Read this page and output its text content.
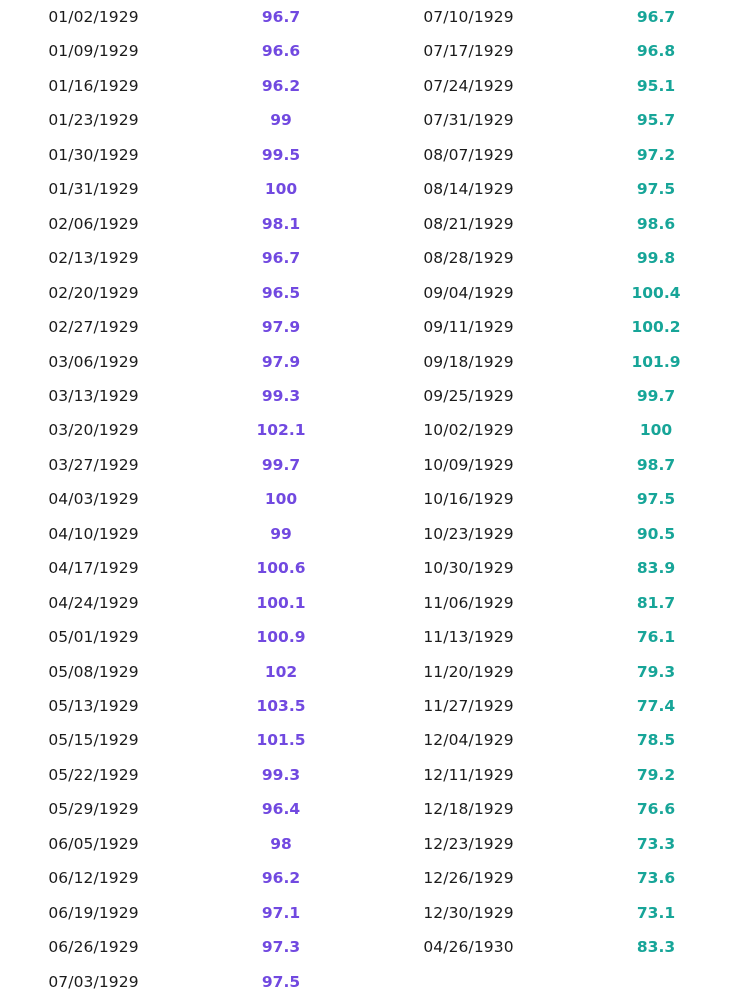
01/02/1929	96.7
01/09/1929	96.6
01/16/1929	96.2
01/23/1929	99
01/30/1929	99.5
01/31/1929	100
02/06/1929	98.1
02/13/1929	96.7
02/20/1929	96.5
02/27/1929	97.9
03/06/1929	97.9
03/13/1929	99.3
03/20/1929	102.1
03/27/1929	99.7
04/03/1929	100
04/10/1929	99
04/17/1929	100.6
04/24/1929	100.1
05/01/1929	100.9
05/08/1929	102
05/13/1929	103.5
05/15/1929	101.5
05/22/1929	99.3
05/29/1929	96.4
06/05/1929	98
06/12/1929	96.2
06/19/1929	97.1
06/26/1929	97.3
07/03/1929	97.5
07/10/1929	96.7
07/17/1929	96.8
07/24/1929	95.1
07/31/1929	95.7
08/07/1929	97.2
08/14/1929	97.5
08/21/1929	98.6
08/28/1929	99.8
09/04/1929	100.4
09/11/1929	100.2
09/18/1929	101.9
09/25/1929	99.7
10/02/1929	100
10/09/1929	98.7
10/16/1929	97.5
10/23/1929	90.5
10/30/1929	83.9
11/06/1929	81.7
11/13/1929	76.1
11/20/1929	79.3
11/27/1929	77.4
12/04/1929	78.5
12/11/1929	79.2
12/18/1929	76.6
12/23/1929	73.3
12/26/1929	73.6
12/30/1929	73.1
04/26/1930	83.3
